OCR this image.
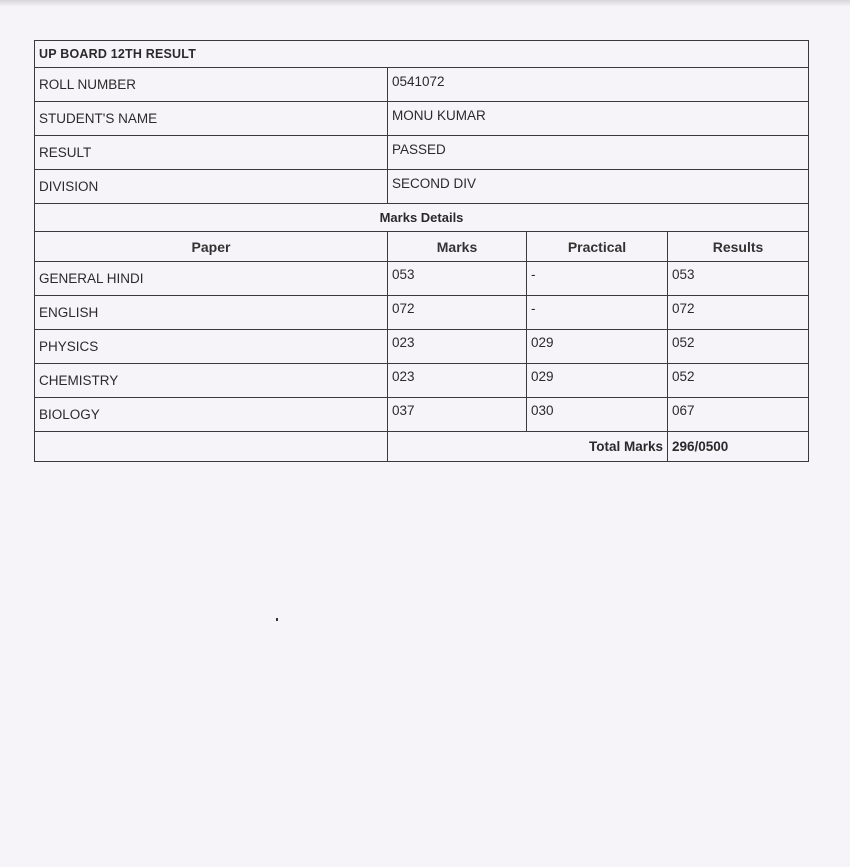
UP BOARD 12TH RESULT			
ROLL NUMBER	0541072		
STUDENT'S NAME	MONU KUMAR		
RESULT	PASSED		
DIVISION	SECOND DIV		
Marks Details			
Paper	Marks	Practical	Results
GENERAL HINDI	053	-	053
ENGLISH	072	-	072
PHYSICS	023	029	052
CHEMISTRY	023	029	052
BIOLOGY	037	030	067
	Total Marks		296/0500
